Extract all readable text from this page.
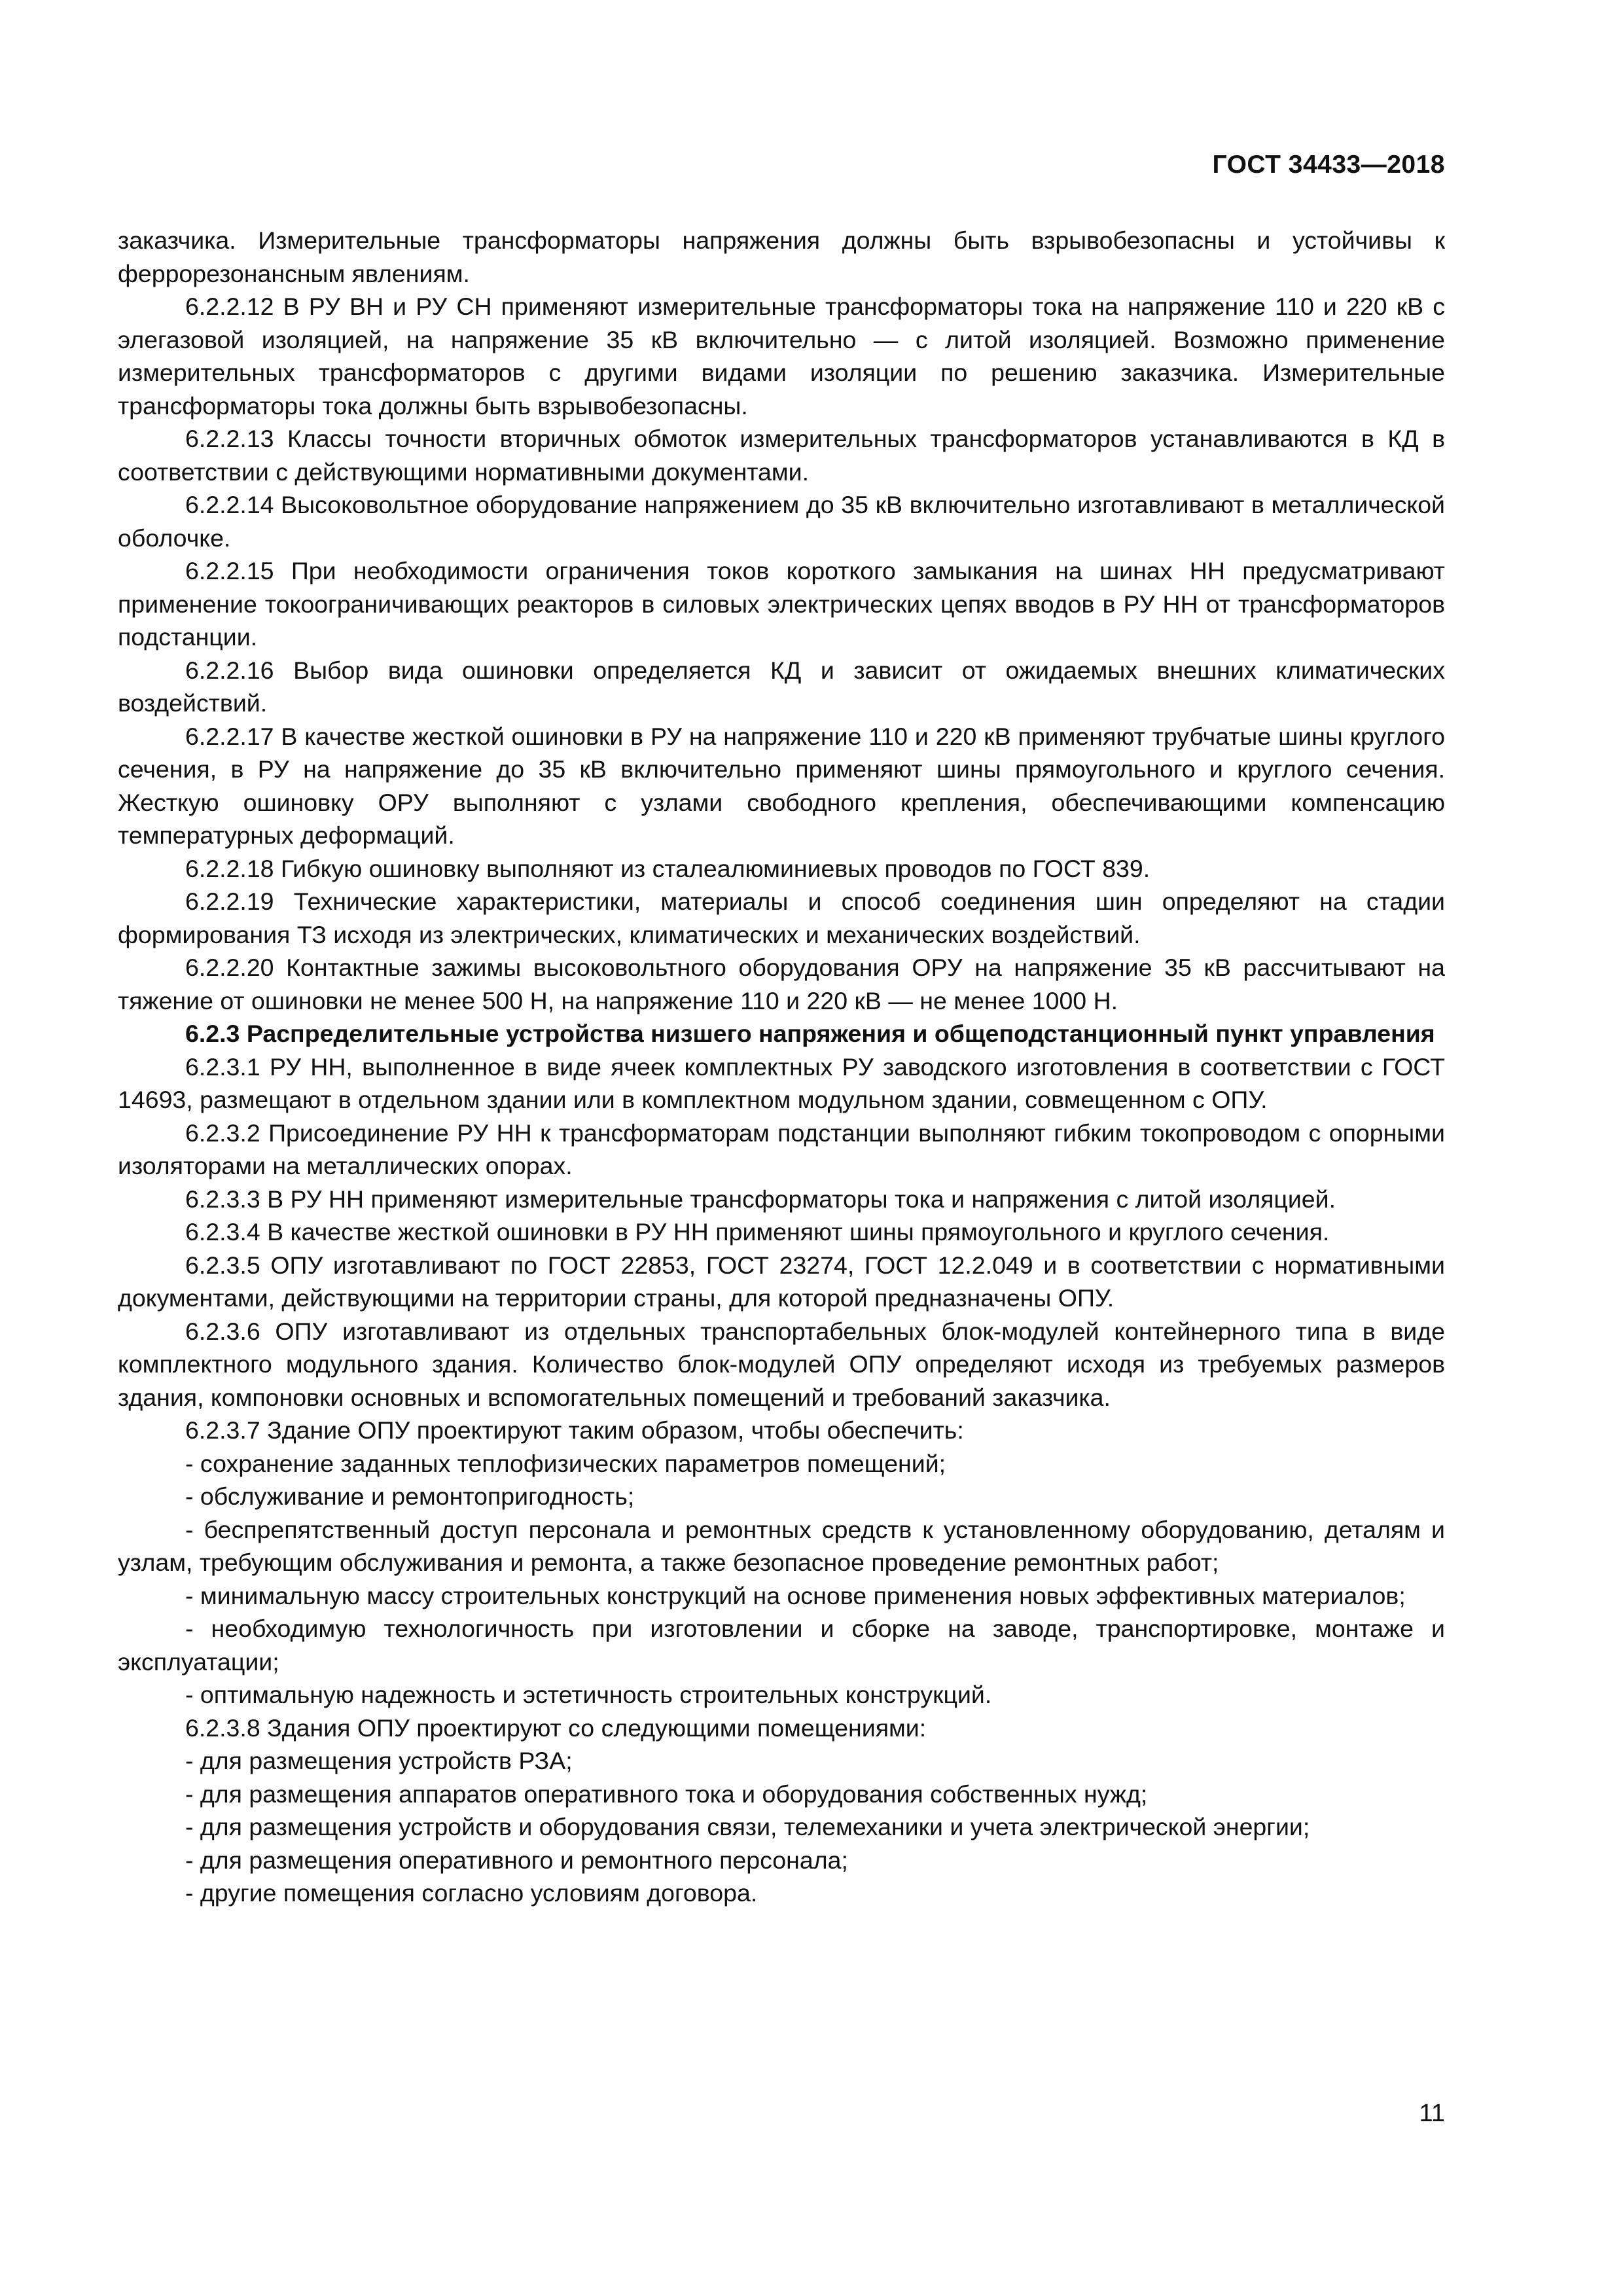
ГОСТ 34433—2018

заказчика. Измерительные трансформаторы напряжения должны быть взрывобезопасны и устойчивы к феррорезонансным явлениям.

6.2.2.12 В РУ ВН и РУ СН применяют измерительные трансформаторы тока на напряжение 110 и 220 кВ с элегазовой изоляцией, на напряжение 35 кВ включительно — с литой изоляцией. Возможно применение измерительных трансформаторов с другими видами изоляции по решению заказчика. Измерительные трансформаторы тока должны быть взрывобезопасны.

6.2.2.13 Классы точности вторичных обмоток измерительных трансформаторов устанавливаются в КД в соответствии с действующими нормативными документами.

6.2.2.14 Высоковольтное оборудование напряжением до 35 кВ включительно изготавливают в металлической оболочке.

6.2.2.15 При необходимости ограничения токов короткого замыкания на шинах НН предусматривают применение токоограничивающих реакторов в силовых электрических цепях вводов в РУ НН от трансформаторов подстанции.

6.2.2.16 Выбор вида ошиновки определяется КД и зависит от ожидаемых внешних климатических воздействий.

6.2.2.17 В качестве жесткой ошиновки в РУ на напряжение 110 и 220 кВ применяют трубчатые шины круглого сечения, в РУ на напряжение до 35 кВ включительно применяют шины прямоугольного и круглого сечения. Жесткую ошиновку ОРУ выполняют с узлами свободного крепления, обеспечивающими компенсацию температурных деформаций.

6.2.2.18 Гибкую ошиновку выполняют из сталеалюминиевых проводов по ГОСТ 839.

6.2.2.19 Технические характеристики, материалы и способ соединения шин определяют на стадии формирования ТЗ исходя из электрических, климатических и механических воздействий.

6.2.2.20 Контактные зажимы высоковольтного оборудования ОРУ на напряжение 35 кВ рассчитывают на тяжение от ошиновки не менее 500 Н, на напряжение 110 и 220 кВ — не менее 1000 Н.

6.2.3 Распределительные устройства низшего напряжения и общеподстанционный пункт управления

6.2.3.1 РУ НН, выполненное в виде ячеек комплектных РУ заводского изготовления в соответствии с ГОСТ 14693, размещают в отдельном здании или в комплектном модульном здании, совмещенном с ОПУ.

6.2.3.2 Присоединение РУ НН к трансформаторам подстанции выполняют гибким токопроводом с опорными изоляторами на металлических опорах.

6.2.3.3 В РУ НН применяют измерительные трансформаторы тока и напряжения с литой изоляцией.

6.2.3.4 В качестве жесткой ошиновки в РУ НН применяют шины прямоугольного и круглого сечения.

6.2.3.5 ОПУ изготавливают по ГОСТ 22853, ГОСТ 23274, ГОСТ 12.2.049 и в соответствии с нормативными документами, действующими на территории страны, для которой предназначены ОПУ.

6.2.3.6 ОПУ изготавливают из отдельных транспортабельных блок-модулей контейнерного типа в виде комплектного модульного здания. Количество блок-модулей ОПУ определяют исходя из требуемых размеров здания, компоновки основных и вспомогательных помещений и требований заказчика.

6.2.3.7 Здание ОПУ проектируют таким образом, чтобы обеспечить:

- сохранение заданных теплофизических параметров помещений;

- обслуживание и ремонтопригодность;

- беспрепятственный доступ персонала и ремонтных средств к установленному оборудованию, деталям и узлам, требующим обслуживания и ремонта, а также безопасное проведение ремонтных работ;

- минимальную массу строительных конструкций на основе применения новых эффективных материалов;

- необходимую технологичность при изготовлении и сборке на заводе, транспортировке, монтаже и эксплуатации;

- оптимальную надежность и эстетичность строительных конструкций.

6.2.3.8 Здания ОПУ проектируют со следующими помещениями:

- для размещения устройств РЗА;

- для размещения аппаратов оперативного тока и оборудования собственных нужд;

- для размещения устройств и оборудования связи, телемеханики и учета электрической энергии;

- для размещения оперативного и ремонтного персонала;

- другие помещения согласно условиям договора.

11
